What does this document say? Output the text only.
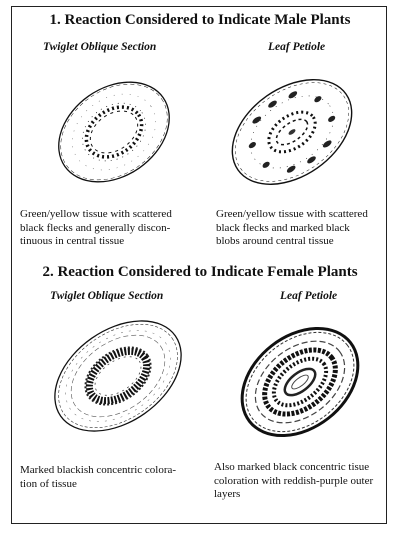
1. Reaction Considered to Indicate Male Plants

Twiglet Oblique Section	Leaf Petiole

Green/yellow tissue with scattered
black flecks and generally discon-
tinuous in central tissue
Green/yellow tissue with scattered
black flecks and marked black
blobs around central tissue
2. Reaction Considered to Indicate Female Plants

Twiglet Oblique Section	Leaf Petiole

Marked blackish concentric colora-
tion of tissue
Also marked black concentric tisue
coloration with reddish-purple outer
layers
